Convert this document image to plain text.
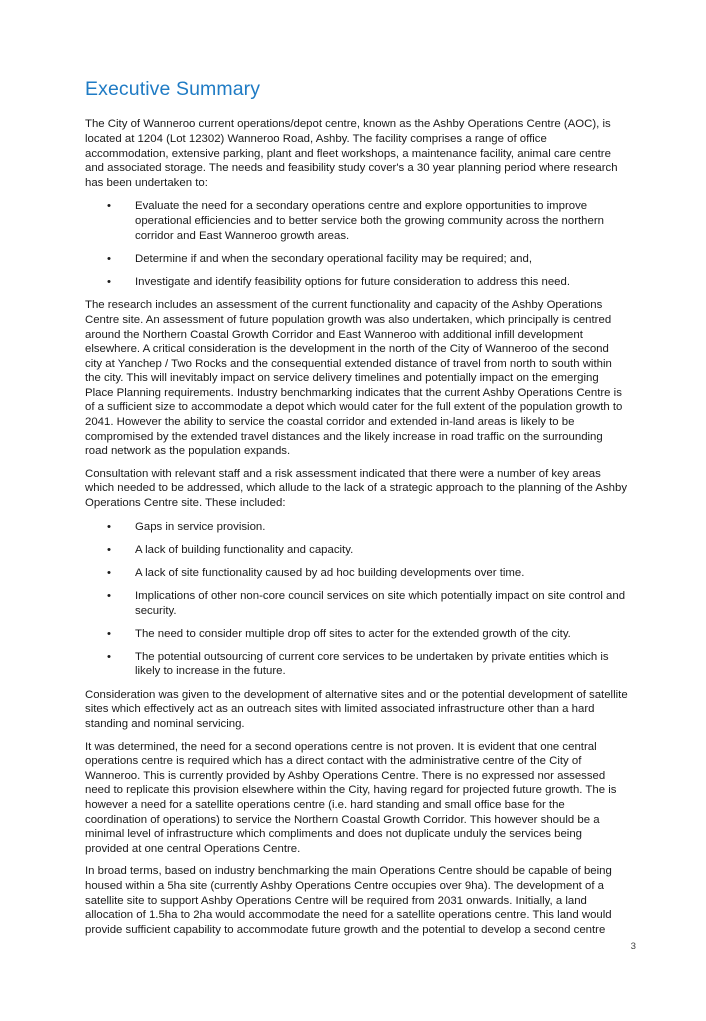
Executive Summary

The City of Wanneroo current operations/depot centre, known as the Ashby Operations Centre (AOC), is located at 1204 (Lot 12302) Wanneroo Road, Ashby. The facility comprises a range of office accommodation, extensive parking, plant and fleet workshops, a maintenance facility, animal care centre and associated storage. The needs and feasibility study cover's a 30 year planning period where research has been undertaken to:

• Evaluate the need for a secondary operations centre and explore opportunities to improve operational efficiencies and to better service both the growing community across the northern corridor and East Wanneroo growth areas.
• Determine if and when the secondary operational facility may be required; and,
• Investigate and identify feasibility options for future consideration to address this need.

The research includes an assessment of the current functionality and capacity of the Ashby Operations Centre site. An assessment of future population growth was also undertaken, which principally is centred around the Northern Coastal Growth Corridor and East Wanneroo with additional infill development elsewhere. A critical consideration is the development in the north of the City of Wanneroo of the second city at Yanchep / Two Rocks and the consequential extended distance of travel from north to south within the city. This will inevitably impact on service delivery timelines and potentially impact on the emerging Place Planning requirements. Industry benchmarking indicates that the current Ashby Operations Centre is of a sufficient size to accommodate a depot which would cater for the full extent of the population growth to 2041. However the ability to service the coastal corridor and extended in-land areas is likely to be compromised by the extended travel distances and the likely increase in road traffic on the surrounding road network as the population expands.

Consultation with relevant staff and a risk assessment indicated that there were a number of key areas which needed to be addressed, which allude to the lack of a strategic approach to the planning of the Ashby Operations Centre site. These included:

• Gaps in service provision.
• A lack of building functionality and capacity.
• A lack of site functionality caused by ad hoc building developments over time.
• Implications of other non-core council services on site which potentially impact on site control and security.
• The need to consider multiple drop off sites to acter for the extended growth of the city.
• The potential outsourcing of current core services to be undertaken by private entities which is likely to increase in the future.

Consideration was given to the development of alternative sites and or the potential development of satellite sites which effectively act as an outreach sites with limited associated infrastructure other than a hard standing and nominal servicing.

It was determined, the need for a second operations centre is not proven. It is evident that one central operations centre is required which has a direct contact with the administrative centre of the City of Wanneroo. This is currently provided by Ashby Operations Centre. There is no expressed nor assessed need to replicate this provision elsewhere within the City, having regard for projected future growth. The is however a need for a satellite operations centre (i.e. hard standing and small office base for the coordination of operations) to service the Northern Coastal Growth Corridor. This however should be a minimal level of infrastructure which compliments and does not duplicate unduly the services being provided at one central Operations Centre.

In broad terms, based on industry benchmarking the main Operations Centre should be capable of being housed within a 5ha site (currently Ashby Operations Centre occupies over 9ha). The development of a satellite site to support Ashby Operations Centre will be required from 2031 onwards. Initially, a land allocation of 1.5ha to 2ha would accommodate the need for a satellite operations centre. This land would provide sufficient capability to accommodate future growth and the potential to develop a second centre

3
